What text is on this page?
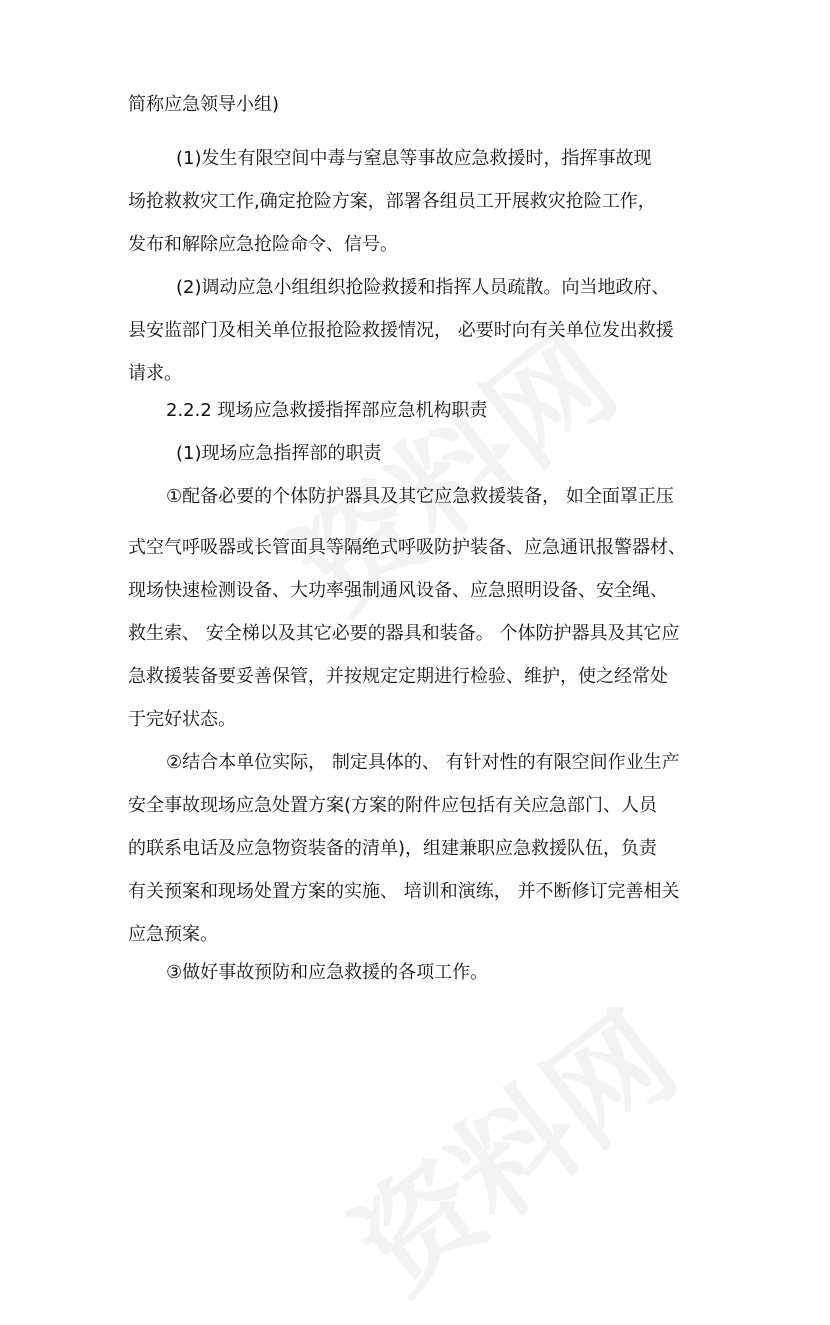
简称应急领导小组)
(1)发生有限空间中毒与窒息等事故应急救援时，指挥事故现
场抢救救灾工作,确定抢险方案，部署各组员工开展救灾抢险工作，
发布和解除应急抢险命令、信号。
(2)调动应急小组组织抢险救援和指挥人员疏散。向当地政府、
县安监部门及相关单位报抢险救援情况， 必要时向有关单位发出救援
请求。
2.2.2 现场应急救援指挥部应急机构职责
(1)现场应急指挥部的职责
①配备必要的个体防护器具及其它应急救援装备， 如全面罩正压
式空气呼吸器或长管面具等隔绝式呼吸防护装备、应急通讯报警器材、
现场快速检测设备、大功率强制通风设备、应急照明设备、安全绳、
救生索、 安全梯以及其它必要的器具和装备。 个体防护器具及其它应
急救援装备要妥善保管，并按规定定期进行检验、维护，使之经常处
于完好状态。
②结合本单位实际， 制定具体的、 有针对性的有限空间作业生产
安全事故现场应急处置方案(方案的附件应包括有关应急部门、人员
的联系电话及应急物资装备的清单)，组建兼职应急救援队伍，负责
有关预案和现场处置方案的实施、 培训和演练， 并不断修订完善相关
应急预案。
③做好事故预防和应急救援的各项工作。
